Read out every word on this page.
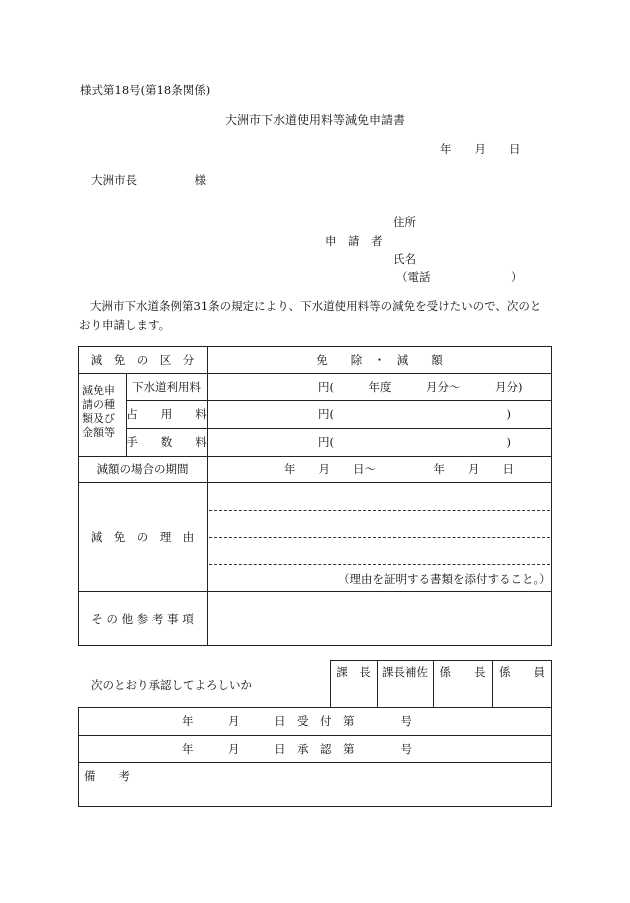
様式第18号(第18条関係)
大洲市下水道使用料等減免申請書
年　　月　　日
大洲市長　　　　　様
住所
申　請　者
氏名
（電話　　　　　　　）
大洲市下水道条例第31条の規定により、下水道使用料等の減免を受けたいので、次のと
おり申請します。
減　免　の　区　分	免　　除　・　減　　額
減免申
請の種
類及び
金額等
下水道利用料	円(　　　年度　　　月分～　　　月分)
占　　用　　料	円(　　　　　　　　　　　　　　　)
手　　数　　料	円(　　　　　　　　　　　　　　　)
減額の場合の期間	年　　月　　日～　　　　　年　　月　　日
減　免　の　理　由
（理由を証明する書類を添付すること。）
そ の 他 参 考 事 項
次のとおり承認してよろしいか
課　長 課長補佐	係　　長	係　　員
年　　　月　　　日　受　付　第　　　　号
年　　　月　　　日　承　認　第　　　　号
備　　考
